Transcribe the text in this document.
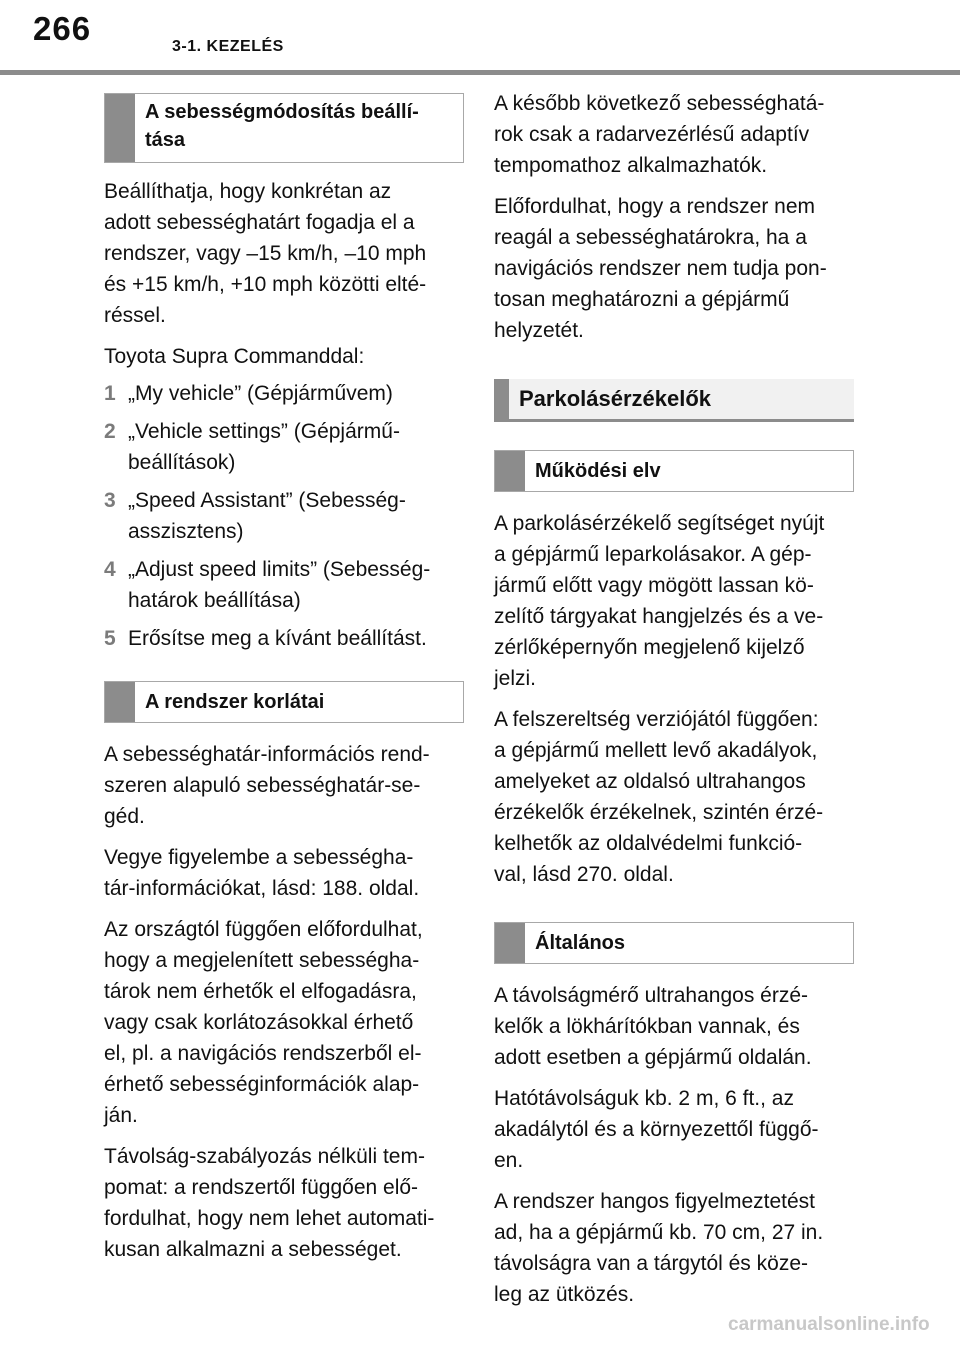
266	3-1. KEZELÉS
A sebességmódosítás beállí-
tása

Beállíthatja, hogy konkrétan az
adott sebességhatárt fogadja el a
rendszer, vagy –15 km/h, –10 mph
és +15 km/h, +10 mph közötti elté-
réssel.

Toyota Supra Commanddal:

1 „My vehicle” (Gépjárművem)
2 „Vehicle settings” (Gépjármű-
beállítások)
3 „Speed Assistant” (Sebesség-
asszisztens)
4 „Adjust speed limits” (Sebesség-
határok beállítása)
5 Erősítse meg a kívánt beállítást.
A rendszer korlátai

A sebességhatár-információs rend-
szeren alapuló sebességhatár-se-
géd.

Vegye figyelembe a sebességha-
tár-információkat, lásd: 188. oldal.

Az országtól függően előfordulhat,
hogy a megjelenített sebességha-
tárok nem érhetők el elfogadásra,
vagy csak korlátozásokkal érhető
el, pl. a navigációs rendszerből el-
érhető sebességinformációk alap-
ján.

Távolság-szabályozás nélküli tem-
pomat: a rendszertől függően elő-
fordulhat, hogy nem lehet automati-
kusan alkalmazni a sebességet.

A később következő sebességhatá-
rok csak a radarvezérlésű adaptív
tempomathoz alkalmazhatók.

Előfordulhat, hogy a rendszer nem
reagál a sebességhatárokra, ha a
navigációs rendszer nem tudja pon-
tosan meghatározni a gépjármű
helyzetét.

Parkolásérzékelők
Működési elv

A parkolásérzékelő segítséget nyújt
a gépjármű leparkolásakor. A gép-
jármű előtt vagy mögött lassan kö-
zelítő tárgyakat hangjelzés és a ve-
zérlőképernyőn megjelenő kijelző
jelzi.

A felszereltség verziójától függően:
a gépjármű mellett levő akadályok,
amelyeket az oldalsó ultrahangos
érzékelők érzékelnek, szintén érzé-
kelhetők az oldalvédelmi funkció-
val, lásd 270. oldal.

Általános

A távolságmérő ultrahangos érzé-
kelők a lökhárítókban vannak, és
adott esetben a gépjármű oldalán.

Hatótávolságuk kb. 2 m, 6 ft., az
akadálytól és a környezettől függő-
en.

A rendszer hangos figyelmeztetést
ad, ha a gépjármű kb. 70 cm, 27 in.
távolságra van a tárgytól és köze-
leg az ütközés.

carmanualsonline.info
